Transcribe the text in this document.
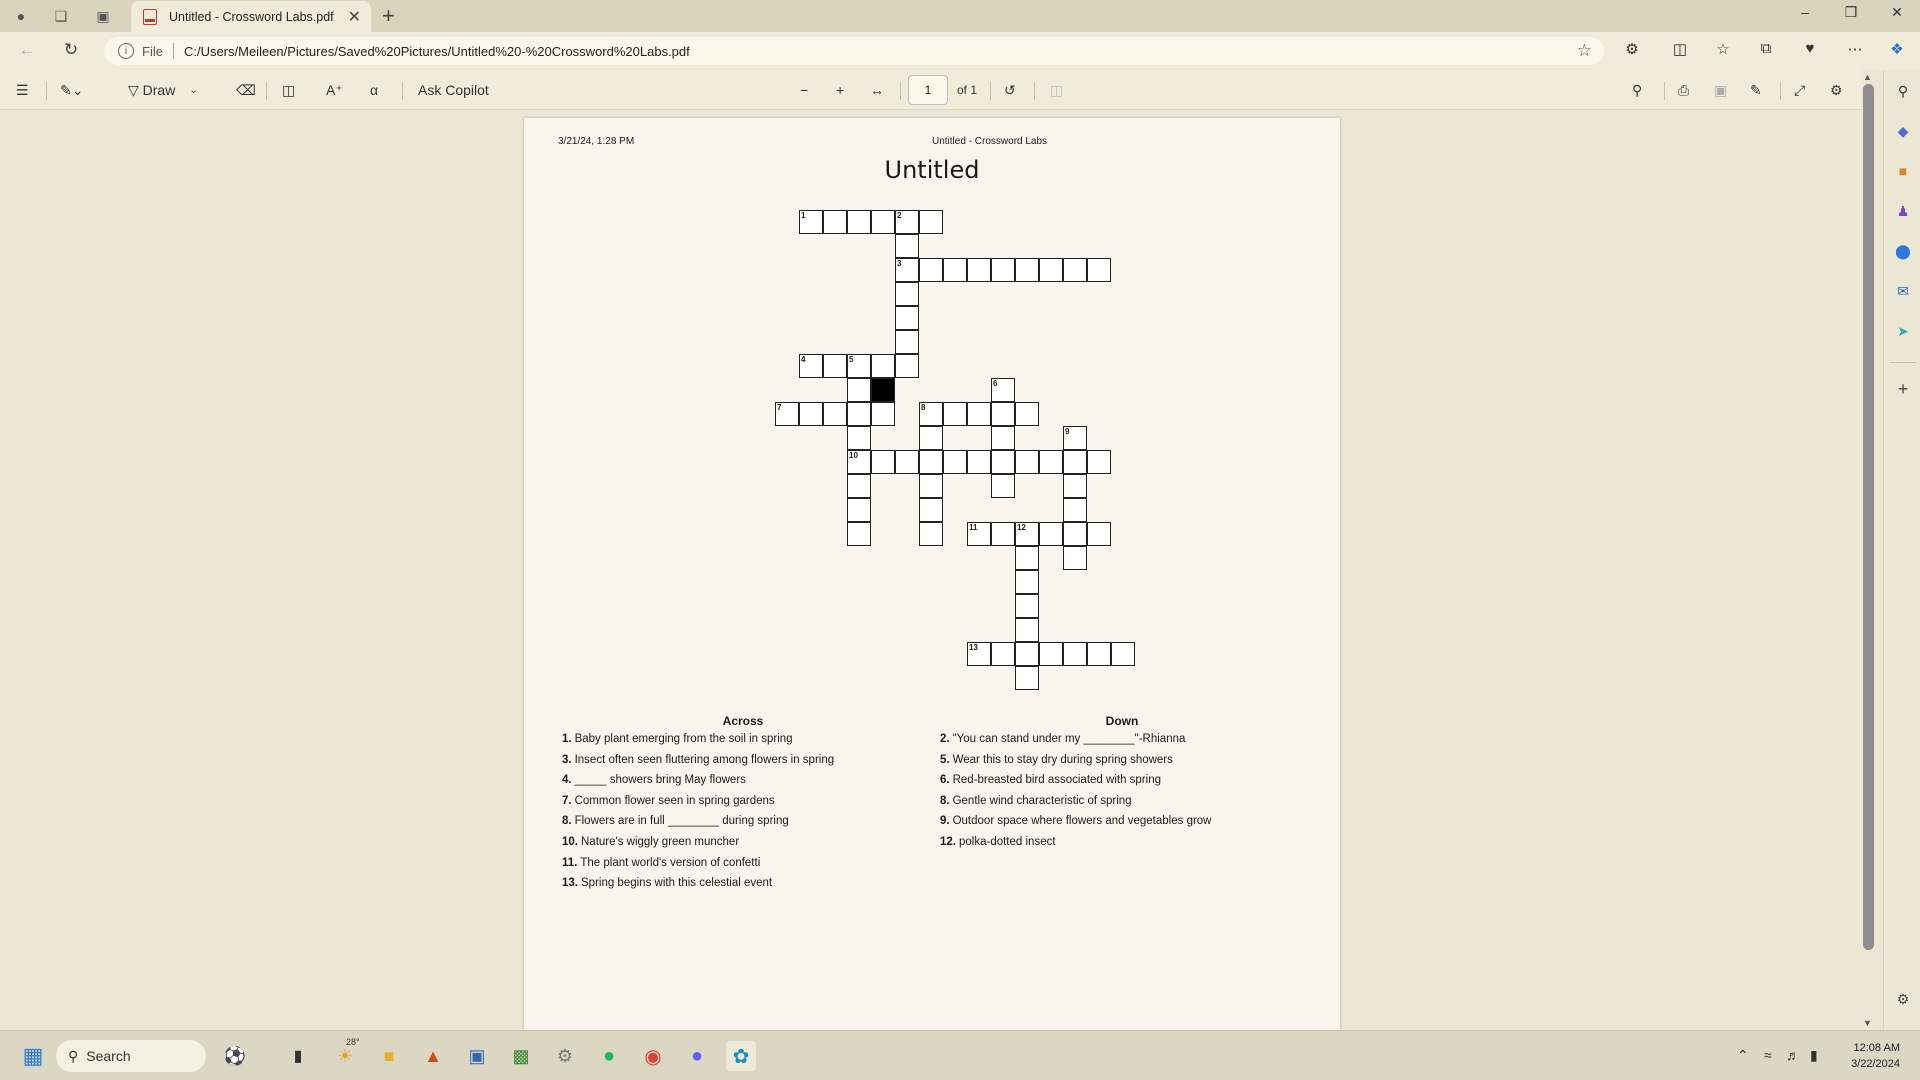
●	❏	▣	Untitled - Crossword Labs.pdf ✕ +	–	❐	✕
←	↻	i	File C:/Users/Meileen/Pictures/Saved%20Pictures/Untitled%20-%20Crossword%20Labs.pdf	☆	⚙	◫	☆	⧉	♥	⋯	❖
☰ ✎⌄	▽ Draw ⌄	⌫ ◫ A⁺ α	Ask Copilot	− + ↔	1	of 1 ↺ ◫	⚲	⎙ ▣ ✎ ⤢ ⚙
▲
▼
⚲
◆
■
♟
⬤
✉
➤
+
⚙
3/21/24, 1:28 PM	Untitled - Crossword Labs
Untitled
1	2
3
4	5
10
7
6
8
9
11	12
13
Across	Down
1. Baby plant emerging from the soil in spring
3. Insect often seen fluttering among flowers in spring
4. _____ showers bring May flowers
7. Common flower seen in spring gardens
8. Flowers are in full ________ during spring
10. Nature's wiggly green muncher
11. The plant world's version of confetti
13. Spring begins with this celestial event
2. "You can stand under my ________"-Rhianna
5. Wear this to stay dry during spring showers
6. Red-breasted bird associated with spring
8. Gentle wind characteristic of spring
9. Outdoor space where flowers and vegetables grow
12. polka-dotted insect
▦	⚲ Search	⚽	▮	☀
28°
■	▲	▣	▩	⚙	●	◉	●	✿	⌃ ≈ ♬ ▮	12:08 AM
3/22/2024
